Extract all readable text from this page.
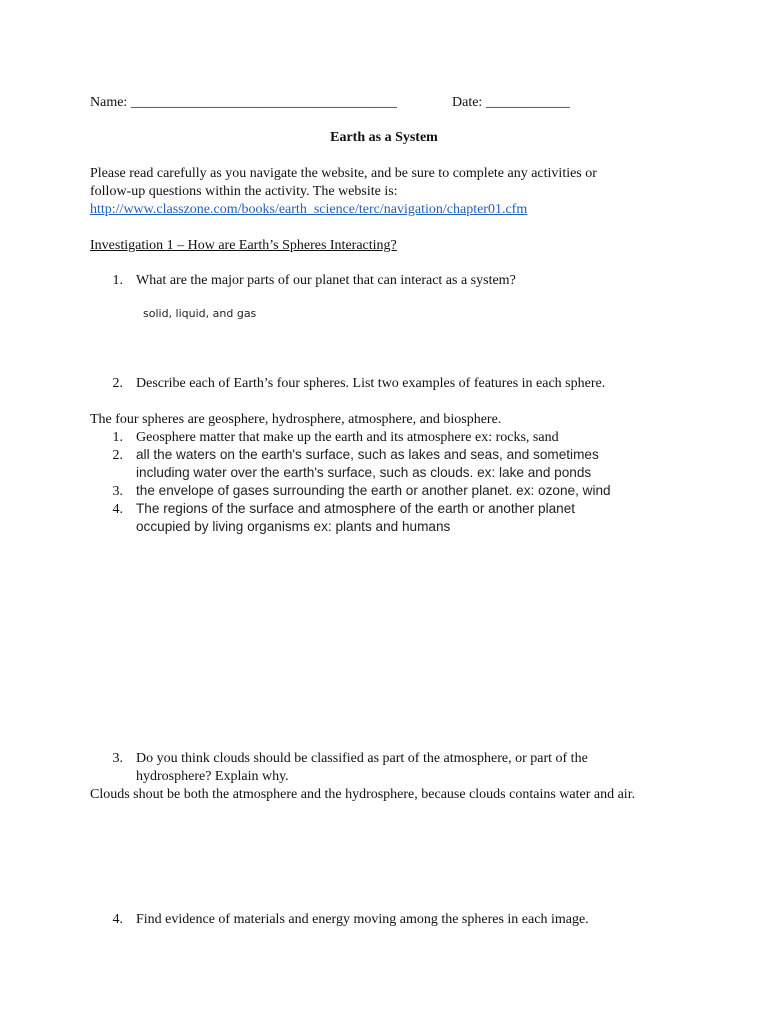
Name: ______________________________________	Date: ____________
Earth as a System
Please read carefully as you navigate the website, and be sure to complete any activities or
follow-up questions within the activity. The website is:
http://www.classzone.com/books/earth_science/terc/navigation/chapter01.cfm
Investigation 1 – How are Earth’s Spheres Interacting?
1. What are the major parts of our planet that can interact as a system?
solid, liquid, and gas
2. Describe each of Earth’s four spheres. List two examples of features in each sphere.
The four spheres are geosphere, hydrosphere, atmosphere, and biosphere.
1. Geosphere matter that make up the earth and its atmosphere ex: rocks, sand
2. all the waters on the earth's surface, such as lakes and seas, and sometimes
including water over the earth's surface, such as clouds. ex: lake and ponds
3. the envelope of gases surrounding the earth or another planet. ex: ozone, wind
4. The regions of the surface and atmosphere of the earth or another planet
occupied by living organisms ex: plants and humans
3. Do you think clouds should be classified as part of the atmosphere, or part of the
hydrosphere? Explain why.
Clouds shout be both the atmosphere and the hydrosphere, because clouds contains water and air.
4. Find evidence of materials and energy moving among the spheres in each image.
